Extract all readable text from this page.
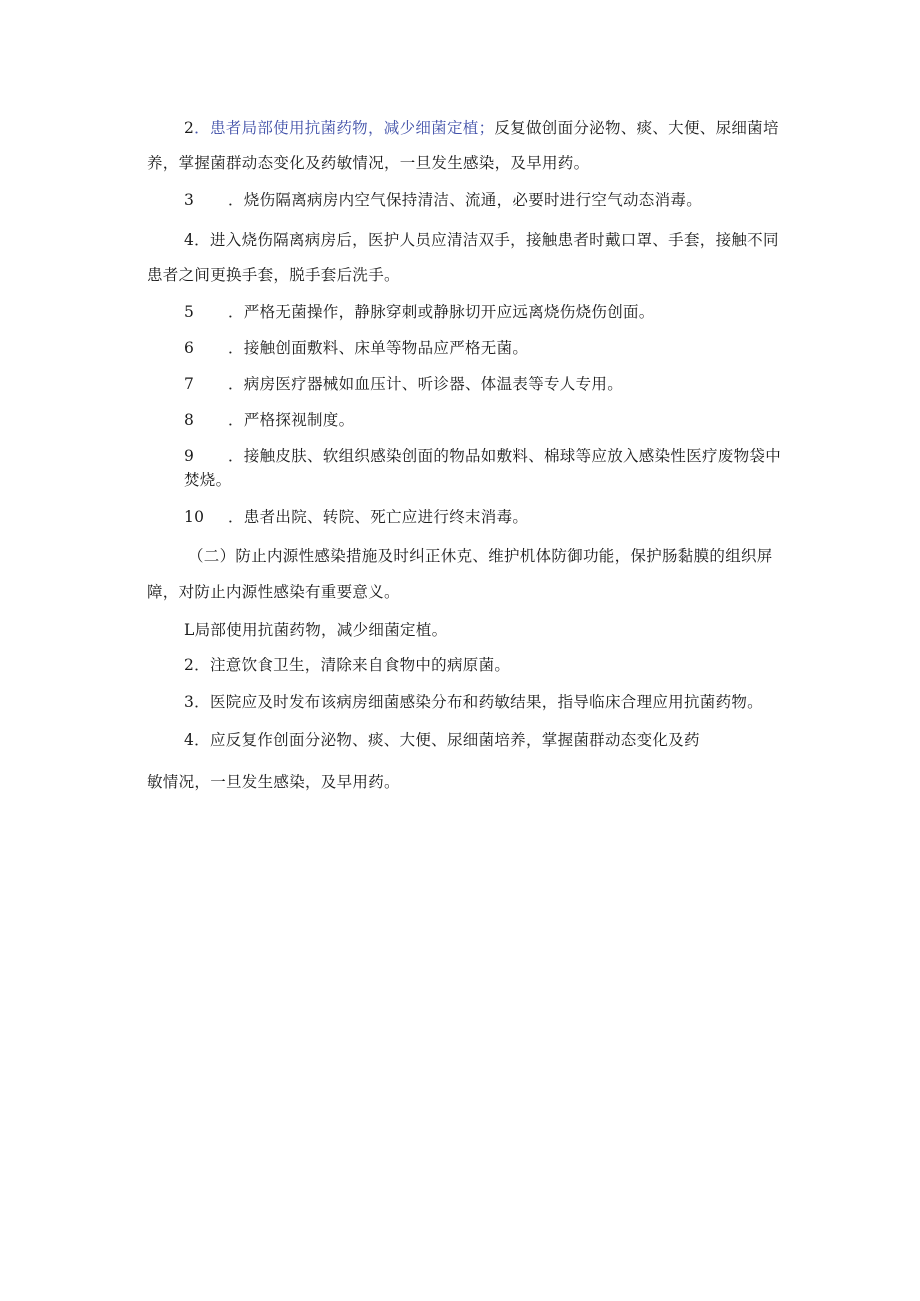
2．患者局部使用抗菌药物，减少细菌定植；反复做创面分泌物、痰、大便、尿细菌培
养，掌握菌群动态变化及药敏情况，一旦发生感染，及早用药。
3 ．烧伤隔离病房内空气保持清洁、流通，必要时进行空气动态消毒。
4．进入烧伤隔离病房后，医护人员应清洁双手，接触患者时戴口罩、手套，接触不同
患者之间更换手套，脱手套后洗手。
5 ．严格无菌操作，静脉穿刺或静脉切开应远离烧伤烧伤创面。
6 ．接触创面敷料、床单等物品应严格无菌。
7 ．病房医疗器械如血压计、听诊器、体温表等专人专用。
8 ．严格探视制度。
9 ．接触皮肤、软组织感染创面的物品如敷料、棉球等应放入感染性医疗废物袋中
焚烧。
10 ．患者出院、转院、死亡应进行终末消毒。
（二）防止内源性感染措施及时纠正休克、维护机体防御功能，保护肠黏膜的组织屏
障，对防止内源性感染有重要意义。
L局部使用抗菌药物，减少细菌定植。
2．注意饮食卫生，清除来自食物中的病原菌。
3．医院应及时发布该病房细菌感染分布和药敏结果，指导临床合理应用抗菌药物。
4．应反复作创面分泌物、痰、大便、尿细菌培养，掌握菌群动态变化及药
敏情况，一旦发生感染，及早用药。
